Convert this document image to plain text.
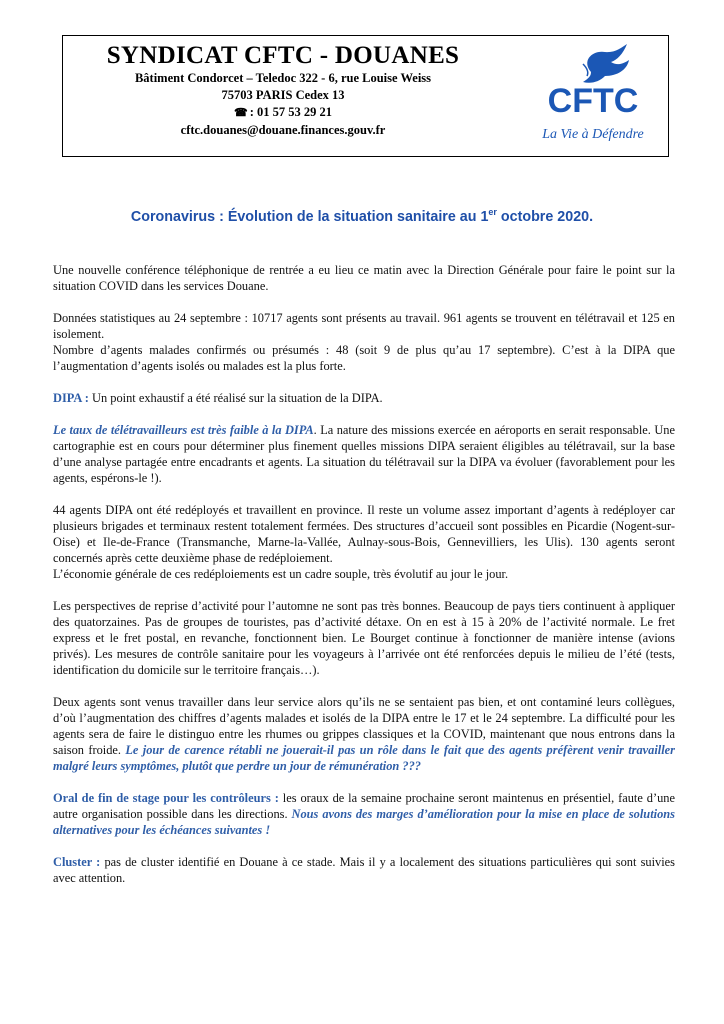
SYNDICAT CFTC - DOUANES
Bâtiment Condorcet – Teledoc 322 - 6, rue Louise Weiss
75703 PARIS Cedex 13
☎ : 01 57 53 29 21
cftc.douanes@douane.finances.gouv.fr
CFTC
La Vie à Défendre
Coronavirus : Évolution de la situation sanitaire au 1er octobre 2020.

Une nouvelle conférence téléphonique de rentrée a eu lieu ce matin avec la Direction Générale pour faire le point sur la situation COVID dans les services Douane.

Données statistiques au 24 septembre : 10717 agents sont présents au travail. 961 agents se trouvent en télétravail et 125 en isolement.

Nombre d’agents malades confirmés ou présumés : 48 (soit 9 de plus qu’au 17 septembre). C’est à la DIPA que l’augmentation d’agents isolés ou malades est la plus forte.

DIPA : Un point exhaustif a été réalisé sur la situation de la DIPA.

Le taux de télétravailleurs est très faible à la DIPA. La nature des missions exercée en aéroports en serait responsable. Une cartographie est en cours pour déterminer plus finement quelles missions DIPA seraient éligibles au télétravail, sur la base d’une analyse partagée entre encadrants et agents. La situation du télétravail sur la DIPA va évoluer (favorablement pour les agents, espérons-le !).

44 agents DIPA ont été redéployés et travaillent en province. Il reste un volume assez important d’agents à redéployer car plusieurs brigades et terminaux restent totalement fermées. Des structures d’accueil sont possibles en Picardie (Nogent-sur-Oise) et Ile-de-France (Transmanche, Marne-la-Vallée, Aulnay-sous-Bois, Gennevilliers, les Ulis). 130 agents seront concernés après cette deuxième phase de redéploiement.

L’économie générale de ces redéploiements est un cadre souple, très évolutif au jour le jour.

Les perspectives de reprise d’activité pour l’automne ne sont pas très bonnes. Beaucoup de pays tiers continuent à appliquer des quatorzaines. Pas de groupes de touristes, pas d’activité détaxe. On en est à 15 à 20% de l’activité normale. Le fret express et le fret postal, en revanche, fonctionnent bien. Le Bourget continue à fonctionner de manière intense (avions privés). Les mesures de contrôle sanitaire pour les voyageurs à l’arrivée ont été renforcées depuis le milieu de l’été (tests, identification du domicile sur le territoire français…).

Deux agents sont venus travailler dans leur service alors qu’ils ne se sentaient pas bien, et ont contaminé leurs collègues, d’où l’augmentation des chiffres d’agents malades et isolés de la DIPA entre le 17 et le 24 septembre. La difficulté pour les agents sera de faire le distinguo entre les rhumes ou grippes classiques et la COVID, maintenant que nous entrons dans la saison froide. Le jour de carence rétabli ne jouerait-il pas un rôle dans le fait que des agents préfèrent venir travailler malgré leurs symptômes, plutôt que perdre un jour de rémunération ???

Oral de fin de stage pour les contrôleurs : les oraux de la semaine prochaine seront maintenus en présentiel, faute d’une autre organisation possible dans les directions. Nous avons des marges d’amélioration pour la mise en place de solutions alternatives pour les échéances suivantes !

Cluster : pas de cluster identifié en Douane à ce stade. Mais il y a localement des situations particulières qui sont suivies avec attention.
